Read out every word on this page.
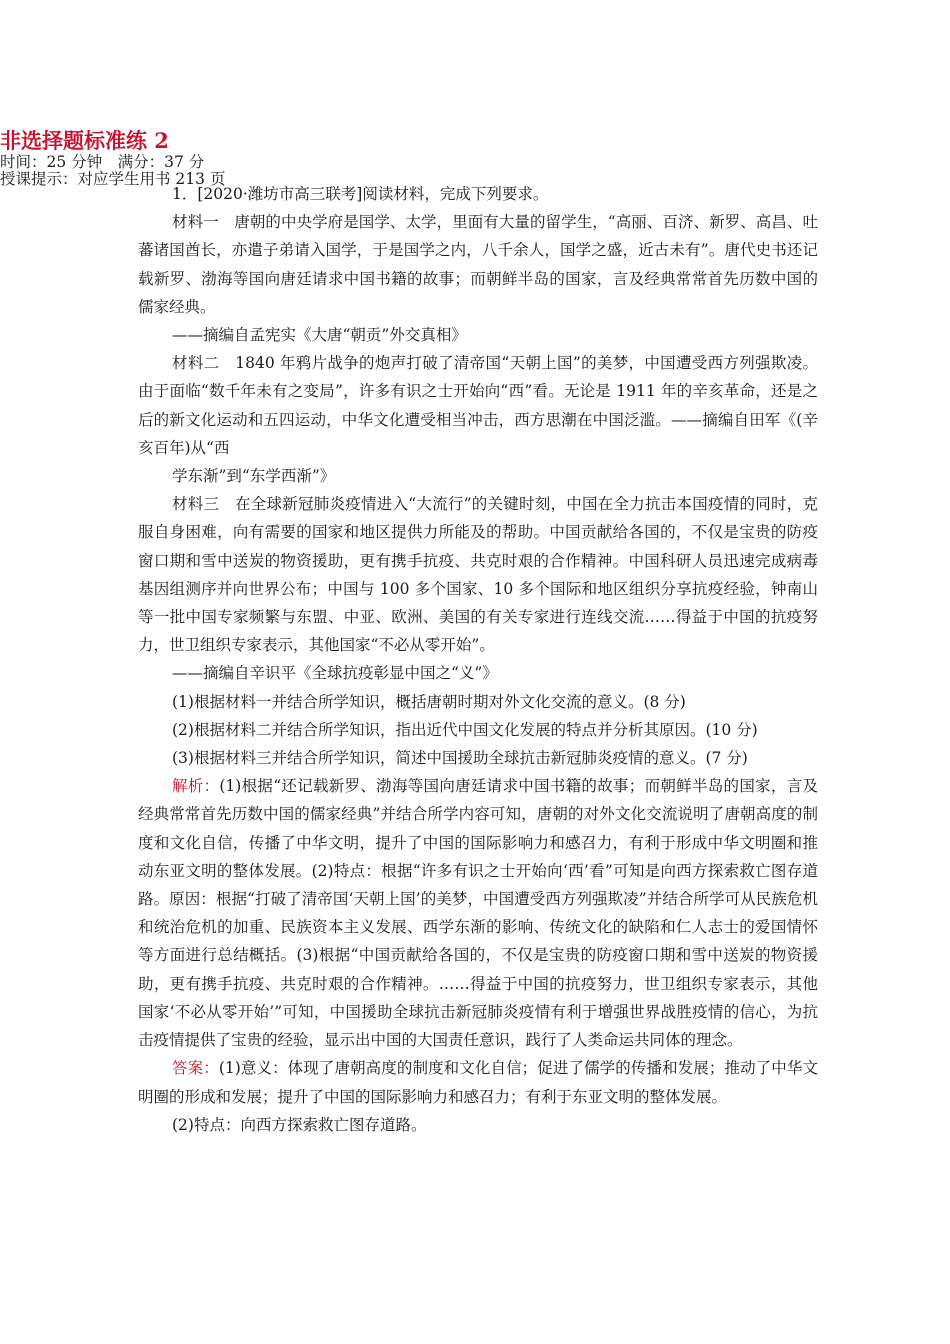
非选择题标准练 2

时间：25 分钟　满分：37 分

授课提示：对应学生用书 213 页

1．[2020·潍坊市高三联考]阅读材料，完成下列要求。

材料一　唐朝的中央学府是国学、太学，里面有大量的留学生，“高丽、百济、新罗、高昌、吐蕃诸国酋长，亦遣子弟请入国学，于是国学之内，八千余人，国学之盛，近古未有”。唐代史书还记载新罗、渤海等国向唐廷请求中国书籍的故事；而朝鲜半岛的国家，言及经典常常首先历数中国的儒家经典。

——摘编自孟宪实《大唐“朝贡”外交真相》

材料二　1840 年鸦片战争的炮声打破了清帝国“天朝上国”的美梦，中国遭受西方列强欺凌。由于面临“数千年未有之变局”，许多有识之士开始向“西”看。无论是 1911 年的辛亥革命，还是之后的新文化运动和五四运动，中华文化遭受相当冲击，西方思潮在中国泛滥。——摘编自田军《(辛亥百年)从“西

学东渐”到“东学西渐”》

材料三　在全球新冠肺炎疫情进入“大流行”的关键时刻，中国在全力抗击本国疫情的同时，克服自身困难，向有需要的国家和地区提供力所能及的帮助。中国贡献给各国的，不仅是宝贵的防疫窗口期和雪中送炭的物资援助，更有携手抗疫、共克时艰的合作精神。中国科研人员迅速完成病毒基因组测序并向世界公布；中国与 100 多个国家、10 多个国际和地区组织分享抗疫经验，钟南山等一批中国专家频繁与东盟、中亚、欧洲、美国的有关专家进行连线交流……得益于中国的抗疫努力，世卫组织专家表示，其他国家“不必从零开始”。

——摘编自辛识平《全球抗疫彰显中国之“义”》

(1)根据材料一并结合所学知识，概括唐朝时期对外文化交流的意义。(8 分)

(2)根据材料二并结合所学知识，指出近代中国文化发展的特点并分析其原因。(10 分)

(3)根据材料三并结合所学知识，简述中国援助全球抗击新冠肺炎疫情的意义。(7 分)

解析：(1)根据“还记载新罗、渤海等国向唐廷请求中国书籍的故事；而朝鲜半岛的国家，言及经典常常首先历数中国的儒家经典”并结合所学内容可知，唐朝的对外文化交流说明了唐朝高度的制度和文化自信，传播了中华文明，提升了中国的国际影响力和感召力，有利于形成中华文明圈和推动东亚文明的整体发展。(2)特点：根据“许多有识之士开始向‘西’看”可知是向西方探索救亡图存道路。原因：根据“打破了清帝国‘天朝上国’的美梦，中国遭受西方列强欺凌”并结合所学可从民族危机和统治危机的加重、民族资本主义发展、西学东渐的影响、传统文化的缺陷和仁人志士的爱国情怀等方面进行总结概括。(3)根据“中国贡献给各国的，不仅是宝贵的防疫窗口期和雪中送炭的物资援助，更有携手抗疫、共克时艰的合作精神。……得益于中国的抗疫努力，世卫组织专家表示，其他国家‘不必从零开始’”可知，中国援助全球抗击新冠肺炎疫情有利于增强世界战胜疫情的信心，为抗击疫情提供了宝贵的经验，显示出中国的大国责任意识，践行了人类命运共同体的理念。

答案：(1)意义：体现了唐朝高度的制度和文化自信；促进了儒学的传播和发展；推动了中华文明圈的形成和发展；提升了中国的国际影响力和感召力；有利于东亚文明的整体发展。

(2)特点：向西方探索救亡图存道路。
